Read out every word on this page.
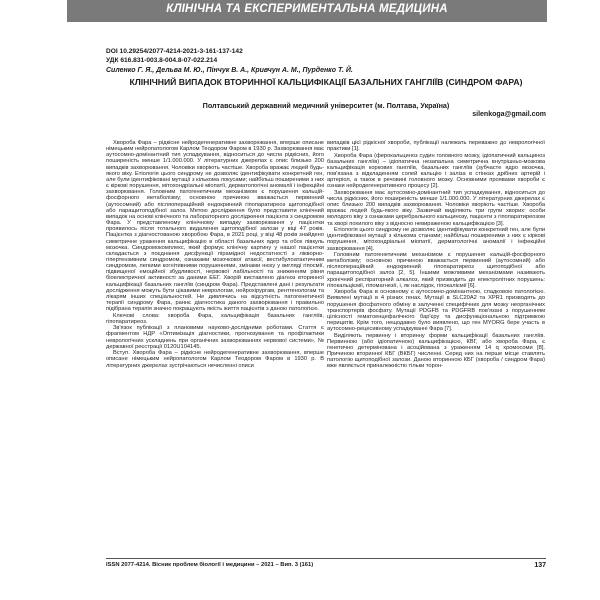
КЛІНІЧНА ТА ЕКСПЕРИМЕНТАЛЬНА МЕДИЦИНА
DOI 10.29254/2077-4214-2021-3-161-137-142
УДК 616.831-003.8-004.8-07-022.214
Силенко Г. Я., Дельва М. Ю., Пінчук В. А., Кривчун А. М., Пурденко Т. Й.
КЛІНІЧНИЙ ВИПАДОК ВТОРИННОЇ КАЛЬЦИФІКАЦІЇ БАЗАЛЬНИХ ГАНГЛІЇВ (СИНДРОМ ФАРА)
Полтавський державний медичний університет (м. Полтава, Україна)
silenkoga@gmail.com

Хвороба Фара – рідкісне нейродегенеративне захворювання, вперше описане німецьким нейропатологом Карлом Теодором Фаром в 1930 р. Захворювання має аутосомно-домінантний тип успадкування, відноситься до числа рідкісних, його поширеність менше 1/1.000.000. У літературних джерелах є опис близько 200 випадків захворювання. Чоловіки хворіють частіше. Хвороба вражає людей будь-якого віку. Етіологія цього синдрому не дозволяє ідентифікувати конкретний ген, але були ідентифіковані мутації з кількома локусами; найбільш поширеними з них є кіркові порушення, мітохондріальні міопатії, дерматологічні аномалії і інфекційні захворювання. Головним патогенетичним механізмом є порушення кальцій-фосфорного метаболізму; основною причиною вважається первинний (аутосомний) або післяопераційний ендокринний гіпопаратиреоз щитоподібної або паращитоподібної залоз. Метою дослідження було представити клінічний випадок на основі клінічного та лабораторного дослідження пацієнта з синдромом Фара. У представленому клінічному випадку захворювання у пацієнтки проявилось після тотального видалення щитоподібної залози у віці 47 років. Пацієнтка з діагностованою хворобою Фара, в 2021 році, у віці 48 років знайдено симетричне ураження кальцифікацію в області базальних ядер та обох півкуль мозочка. Синдромокомплекс, який формує клінічну картину у нашої пацієнтки складається з поєднання дисфункції пірамідної недостатності з лікворно-гіпертензивним синдромом, ознаками мозочкової атаксії, вестибулоатактичним синдромом, легкими когнітивними порушеннями, змінами нюху у вигляді гіпосмії, підвищеної емоційної збудливості, нервової лабільності та зниженням рівня біоелектричної активності за даними ЕЕГ. Хворій виставлено діагноз вторинної кальцифікації базальних гангліїв (синдром Фара). Представлені дані і результати дослідження можуть бути цікавими неврологам, нейрохірургам, рентгенологам та лікарям інших спеціальностей. Не дивлячись на відсутність патогенетичної терапії синдрому Фара, раннє діагностика даного захворювання і правильно підібрана терапія значно покращують якість життя пацієнтів з даною патологією.

Ключові слова: хвороба Фара, кальцифікація базальних гангліїв, гіпопаратиреоз.

Зв'язок публікації з плановими науково-дослідними роботами. Стаття є фрагментом НДР «Оптимізація діагностики, прогнозування та профілактики неврологічних ускладнень при органічних захворюваннях нервової системи», № державної реєстрації 0120U104145.

Вступ. Хвороба Фара – рідкісне нейродегенеративне захворювання, вперше описане німецьким нейропатологом Карлом Теодором Фаром в 1930 р. В літературних джерелах зустрічаються нечисленні описи

випадків цієї рідкісної хвороби, публікації належать переважно до неврологічної практики [1].

Хвороба Фара (ферокальциноз судин головного мозку, ідіопатичний кальциноз базальних гангліїв) – ідіопатична незапальна симетрична внутрішньо-мозкова кальцифікація коркових гангліїв, базальних гангліїв (зубчасте ядро мозочка, пов'язана з відкладенням солей кальцію і заліза в стінках дрібних артерій і артеріол, а також в речовині головного мозку. Основними проявами хвороби є ознаки нейродегенеративного процесу [2].

Захворювання має аутосомно-домінантний тип успадкування, відноситься до числа рідкісних, його поширеність менше 1/1.000.000. У літературних джерелах є опис близько 200 випадків захворювання. Чоловіки хворіють частіше. Хвороба вражає людей будь-якого віку. Зазвичай виділяють три групи хворих: особи молодого віку з ознаками церебрального кальцинозу, пацієнти з гіпопаратиреозом та хворі похилого віку з відносно невираженою кальцифікацією [3].

Етіологія цього синдрому не дозволяє ідентифікувати конкретний ген, але були ідентифіковані мутації з кількома станами; найбільш поширеними з них є кіркові порушення, мітохондріальні міопатії, дерматологічні аномалії і інфекційні захворювання [4].

Головним патогенетичним механізмом є порушення кальцій-фосфорного метаболізму; основною причиною вважається первинний (аутосомний) або післяопераційний ендокринний гіпопаратиреоз щитоподібної або паращитоподібної залоз [2, 5]. Іншими можливими механізмами називають хронічний респіраторний алкалоз, який призводить до електролітних порушень: гіпокальціємії, гіпомагнезії, і, як наслідок, гіпокаліємії [6].

Хвороба Фара в основному є аутосомно-домінантною, спадковою патологією. Виявлені мутації в 4 різних генах. Мутації в SLC20A2 та XPR1 призводять до порушення фосфатного обміну в залученні специфічних для мозку неорганічних транспортерів фосфату. Мутації PDGFB та PDGFRB пов'язані з порушенням цілісності гематоенцефалічного бар'єру та дисфункціональною підтримкою перицитів. Крім того, нещодавно було виявлено, що ген MYORG бере участь в аутосомно-рецесивному успадкуванні Фара [7].

Виділяють первинну і вторинну форми кальцифікації базальних гангліїв. Первинною (або ідіопатичною) кальцифікацією, КВГ, або хвороба Фара, є генетично детермінована і асоційована з ураженням 14 q хромосоми [8]. Причиною вторинної КБГ (ВКБГ) численні. Серед них на перше місце ставлять патологію щитоподібної залози. Даною вторинною КБГ (хвороба / синдром Фара) вже являється приналежністю тільки торон-

ISSN 2077-4214. Вісник проблем біології і медицини – 2021 – Вип. 3 (161)	137
